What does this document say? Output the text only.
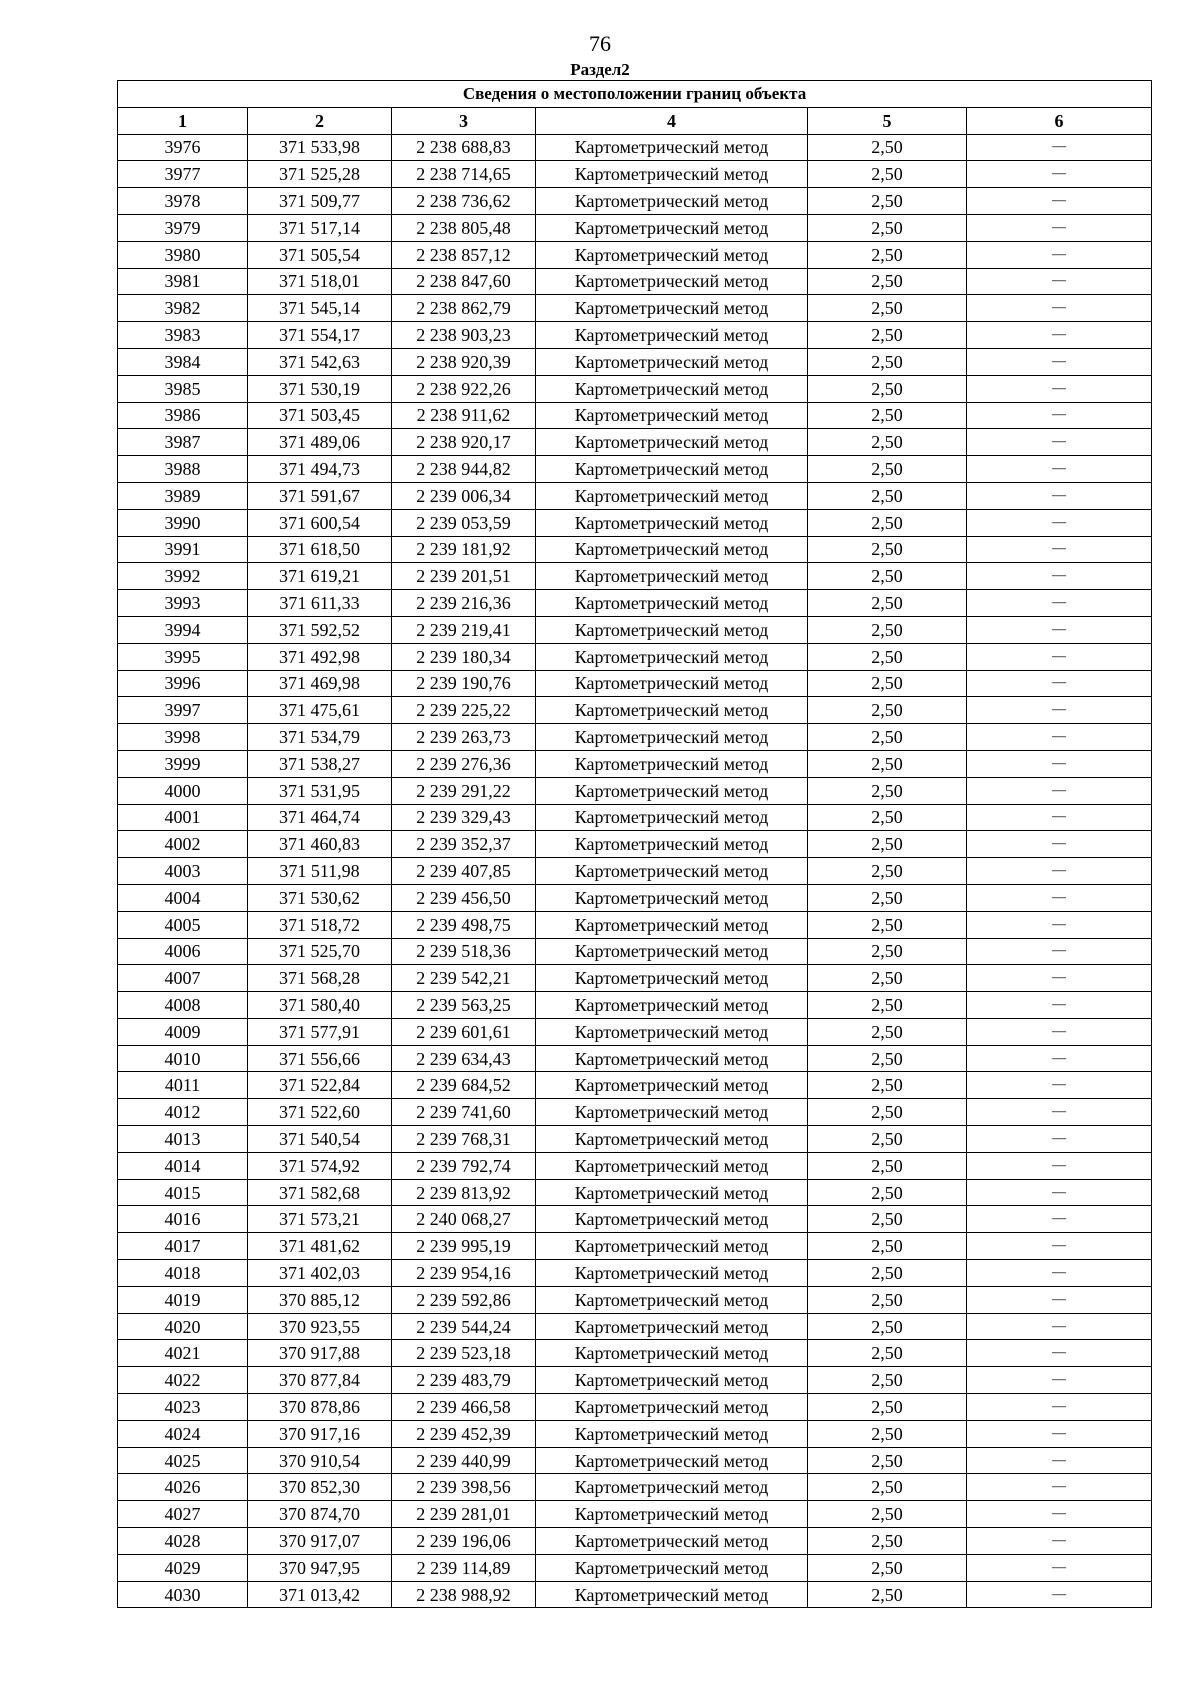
76
Раздел2
Сведения о местоположении границ объекта					
1	2	3	4	5	6
3976	371 533,98	2 238 688,83	Картометрический метод	2,50	—
3977	371 525,28	2 238 714,65	Картометрический метод	2,50	—
3978	371 509,77	2 238 736,62	Картометрический метод	2,50	—
3979	371 517,14	2 238 805,48	Картометрический метод	2,50	—
3980	371 505,54	2 238 857,12	Картометрический метод	2,50	—
3981	371 518,01	2 238 847,60	Картометрический метод	2,50	—
3982	371 545,14	2 238 862,79	Картометрический метод	2,50	—
3983	371 554,17	2 238 903,23	Картометрический метод	2,50	—
3984	371 542,63	2 238 920,39	Картометрический метод	2,50	—
3985	371 530,19	2 238 922,26	Картометрический метод	2,50	—
3986	371 503,45	2 238 911,62	Картометрический метод	2,50	—
3987	371 489,06	2 238 920,17	Картометрический метод	2,50	—
3988	371 494,73	2 238 944,82	Картометрический метод	2,50	—
3989	371 591,67	2 239 006,34	Картометрический метод	2,50	—
3990	371 600,54	2 239 053,59	Картометрический метод	2,50	—
3991	371 618,50	2 239 181,92	Картометрический метод	2,50	—
3992	371 619,21	2 239 201,51	Картометрический метод	2,50	—
3993	371 611,33	2 239 216,36	Картометрический метод	2,50	—
3994	371 592,52	2 239 219,41	Картометрический метод	2,50	—
3995	371 492,98	2 239 180,34	Картометрический метод	2,50	—
3996	371 469,98	2 239 190,76	Картометрический метод	2,50	—
3997	371 475,61	2 239 225,22	Картометрический метод	2,50	—
3998	371 534,79	2 239 263,73	Картометрический метод	2,50	—
3999	371 538,27	2 239 276,36	Картометрический метод	2,50	—
4000	371 531,95	2 239 291,22	Картометрический метод	2,50	—
4001	371 464,74	2 239 329,43	Картометрический метод	2,50	—
4002	371 460,83	2 239 352,37	Картометрический метод	2,50	—
4003	371 511,98	2 239 407,85	Картометрический метод	2,50	—
4004	371 530,62	2 239 456,50	Картометрический метод	2,50	—
4005	371 518,72	2 239 498,75	Картометрический метод	2,50	—
4006	371 525,70	2 239 518,36	Картометрический метод	2,50	—
4007	371 568,28	2 239 542,21	Картометрический метод	2,50	—
4008	371 580,40	2 239 563,25	Картометрический метод	2,50	—
4009	371 577,91	2 239 601,61	Картометрический метод	2,50	—
4010	371 556,66	2 239 634,43	Картометрический метод	2,50	—
4011	371 522,84	2 239 684,52	Картометрический метод	2,50	—
4012	371 522,60	2 239 741,60	Картометрический метод	2,50	—
4013	371 540,54	2 239 768,31	Картометрический метод	2,50	—
4014	371 574,92	2 239 792,74	Картометрический метод	2,50	—
4015	371 582,68	2 239 813,92	Картометрический метод	2,50	—
4016	371 573,21	2 240 068,27	Картометрический метод	2,50	—
4017	371 481,62	2 239 995,19	Картометрический метод	2,50	—
4018	371 402,03	2 239 954,16	Картометрический метод	2,50	—
4019	370 885,12	2 239 592,86	Картометрический метод	2,50	—
4020	370 923,55	2 239 544,24	Картометрический метод	2,50	—
4021	370 917,88	2 239 523,18	Картометрический метод	2,50	—
4022	370 877,84	2 239 483,79	Картометрический метод	2,50	—
4023	370 878,86	2 239 466,58	Картометрический метод	2,50	—
4024	370 917,16	2 239 452,39	Картометрический метод	2,50	—
4025	370 910,54	2 239 440,99	Картометрический метод	2,50	—
4026	370 852,30	2 239 398,56	Картометрический метод	2,50	—
4027	370 874,70	2 239 281,01	Картометрический метод	2,50	—
4028	370 917,07	2 239 196,06	Картометрический метод	2,50	—
4029	370 947,95	2 239 114,89	Картометрический метод	2,50	—
4030	371 013,42	2 238 988,92	Картометрический метод	2,50	—
